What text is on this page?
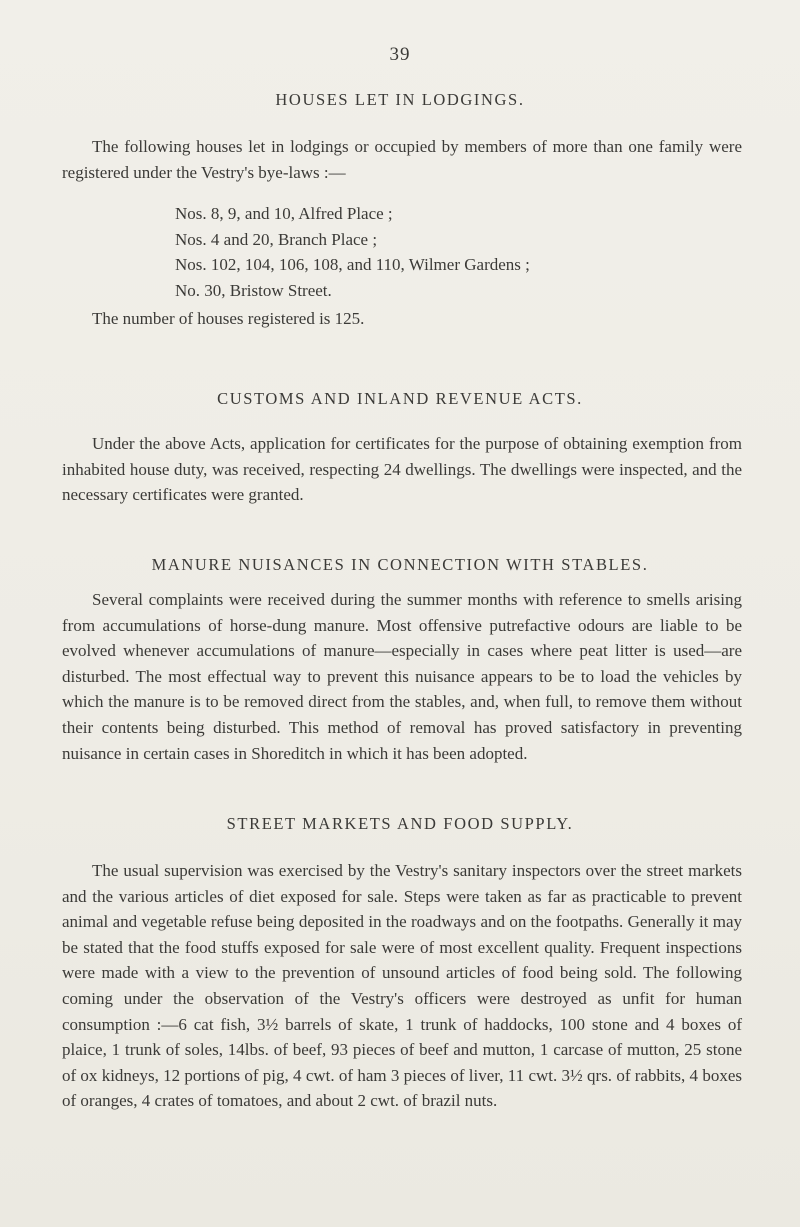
39
HOUSES LET IN LODGINGS.

The following houses let in lodgings or occupied by members of more than one family were registered under the Vestry's bye-laws :—

Nos. 8, 9, and 10, Alfred Place ;
Nos. 4 and 20, Branch Place ;
Nos. 102, 104, 106, 108, and 110, Wilmer Gardens ;
No. 30, Bristow Street.
The number of houses registered is 125.
CUSTOMS AND INLAND REVENUE ACTS.

Under the above Acts, application for certificates for the purpose of obtaining exemption from inhabited house duty, was received, respecting 24 dwellings. The dwellings were inspected, and the necessary certificates were granted.

MANURE NUISANCES IN CONNECTION WITH STABLES.

Several complaints were received during the summer months with reference to smells arising from accumulations of horse-dung manure. Most offensive putrefactive odours are liable to be evolved whenever accumulations of manure—especially in cases where peat litter is used—are disturbed. The most effectual way to prevent this nuisance appears to be to load the vehicles by which the manure is to be removed direct from the stables, and, when full, to remove them without their contents being disturbed. This method of removal has proved satisfactory in preventing nuisance in certain cases in Shoreditch in which it has been adopted.

STREET MARKETS AND FOOD SUPPLY.

The usual supervision was exercised by the Vestry's sanitary inspectors over the street markets and the various articles of diet exposed for sale. Steps were taken as far as practicable to prevent animal and vegetable refuse being deposited in the roadways and on the footpaths. Generally it may be stated that the food stuffs exposed for sale were of most excellent quality. Frequent inspections were made with a view to the prevention of unsound articles of food being sold. The following coming under the observation of the Vestry's officers were destroyed as unfit for human consumption :—6 cat fish, 3½ barrels of skate, 1 trunk of haddocks, 100 stone and 4 boxes of plaice, 1 trunk of soles, 14lbs. of beef, 93 pieces of beef and mutton, 1 carcase of mutton, 25 stone of ox kidneys, 12 portions of pig, 4 cwt. of ham 3 pieces of liver, 11 cwt. 3½ qrs. of rabbits, 4 boxes of oranges, 4 crates of tomatoes, and about 2 cwt. of brazil nuts.
